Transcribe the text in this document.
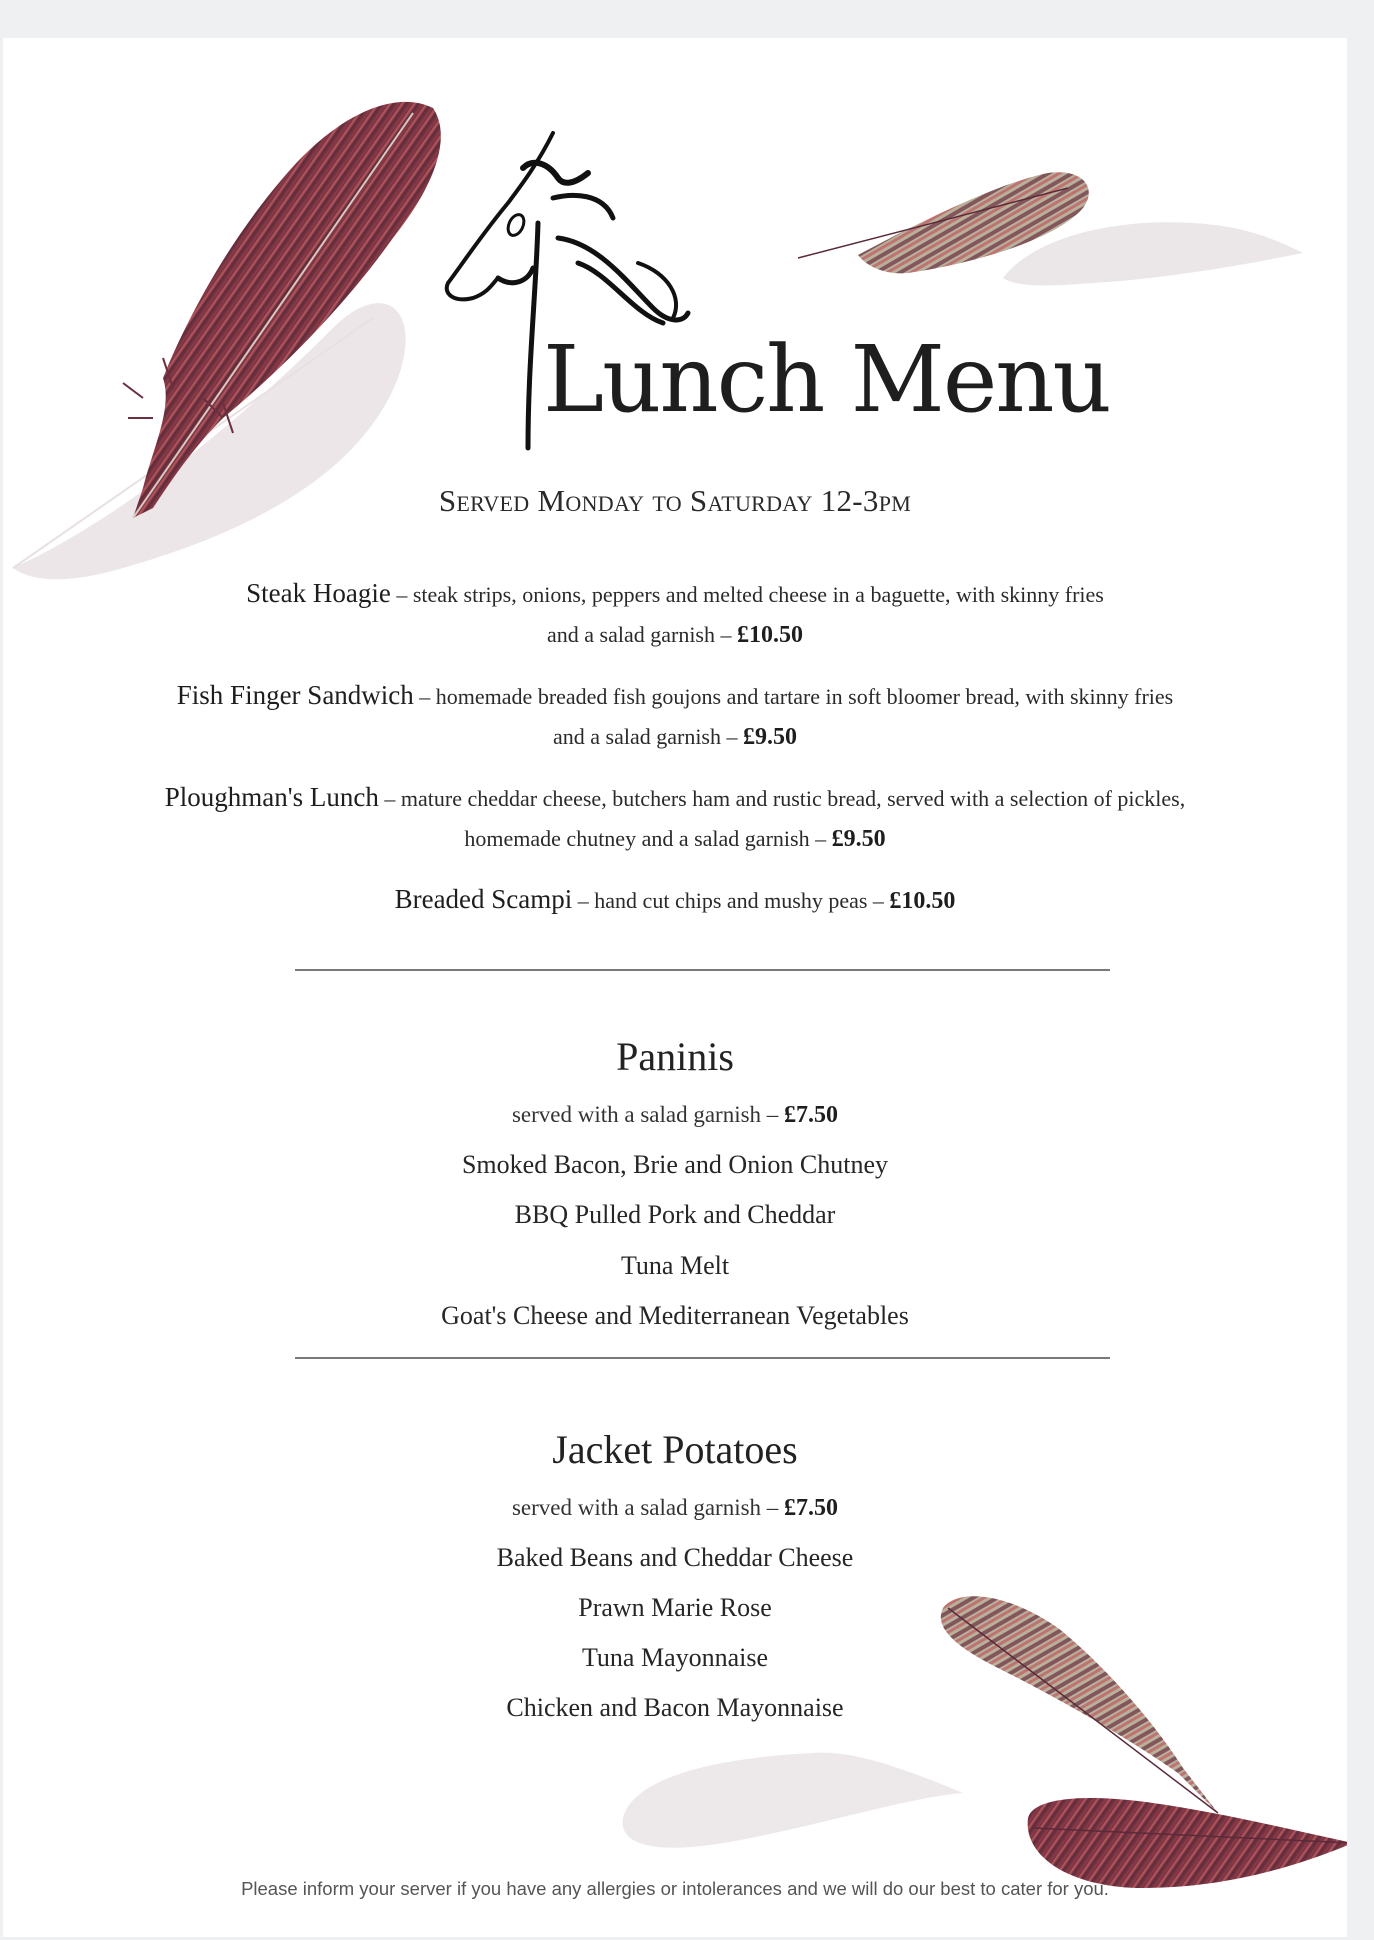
Lunch Menu
Served Monday to Saturday 12-3pm
Steak Hoagie – steak strips, onions, peppers and melted cheese in a baguette, with skinny fries
and a salad garnish – £10.50
Fish Finger Sandwich – homemade breaded fish goujons and tartare in soft bloomer bread, with skinny fries
and a salad garnish – £9.50
Ploughman's Lunch – mature cheddar cheese, butchers ham and rustic bread, served with a selection of pickles,
homemade chutney and a salad garnish – £9.50
Breaded Scampi – hand cut chips and mushy peas – £10.50
Paninis
served with a salad garnish – £7.50
Smoked Bacon, Brie and Onion Chutney
BBQ Pulled Pork and Cheddar
Tuna Melt
Goat's Cheese and Mediterranean Vegetables
Jacket Potatoes
served with a salad garnish – £7.50
Baked Beans and Cheddar Cheese
Prawn Marie Rose
Tuna Mayonnaise
Chicken and Bacon Mayonnaise
Please inform your server if you have any allergies or intolerances and we will do our best to cater for you.
